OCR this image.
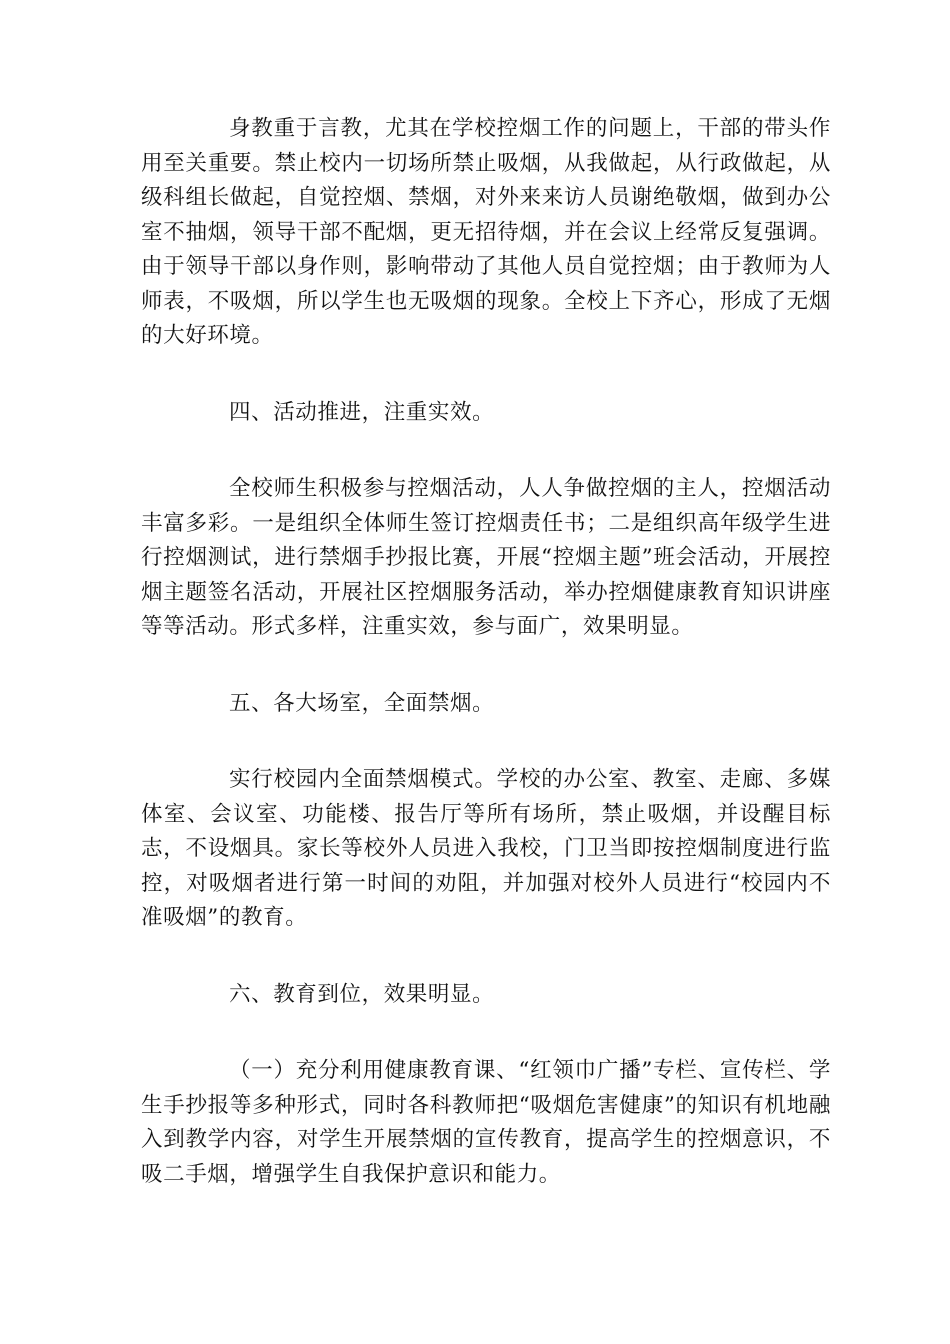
身教重于言教，尤其在学校控烟工作的问题上，干部的带头作用至关重要。禁止校内一切场所禁止吸烟，从我做起，从行政做起，从级科组长做起，自觉控烟、禁烟，对外来来访人员谢绝敬烟，做到办公室不抽烟，领导干部不配烟，更无招待烟，并在会议上经常反复强调。由于领导干部以身作则，影响带动了其他人员自觉控烟；由于教师为人师表，不吸烟，所以学生也无吸烟的现象。全校上下齐心，形成了无烟的大好环境。

四、活动推进，注重实效。

全校师生积极参与控烟活动，人人争做控烟的主人，控烟活动丰富多彩。一是组织全体师生签订控烟责任书；二是组织高年级学生进行控烟测试，进行禁烟手抄报比赛，开展“控烟主题”班会活动，开展控烟主题签名活动，开展社区控烟服务活动，举办控烟健康教育知识讲座等等活动。形式多样，注重实效，参与面广，效果明显。

五、各大场室，全面禁烟。

实行校园内全面禁烟模式。学校的办公室、教室、走廊、多媒体室、会议室、功能楼、报告厅等所有场所，禁止吸烟，并设醒目标志，不设烟具。家长等校外人员进入我校，门卫当即按控烟制度进行监控，对吸烟者进行第一时间的劝阻，并加强对校外人员进行“校园内不准吸烟”的教育。

六、教育到位，效果明显。

（一）充分利用健康教育课、“红领巾广播”专栏、宣传栏、学生手抄报等多种形式，同时各科教师把“吸烟危害健康”的知识有机地融入到教学内容，对学生开展禁烟的宣传教育，提高学生的控烟意识，不吸二手烟，增强学生自我保护意识和能力。
